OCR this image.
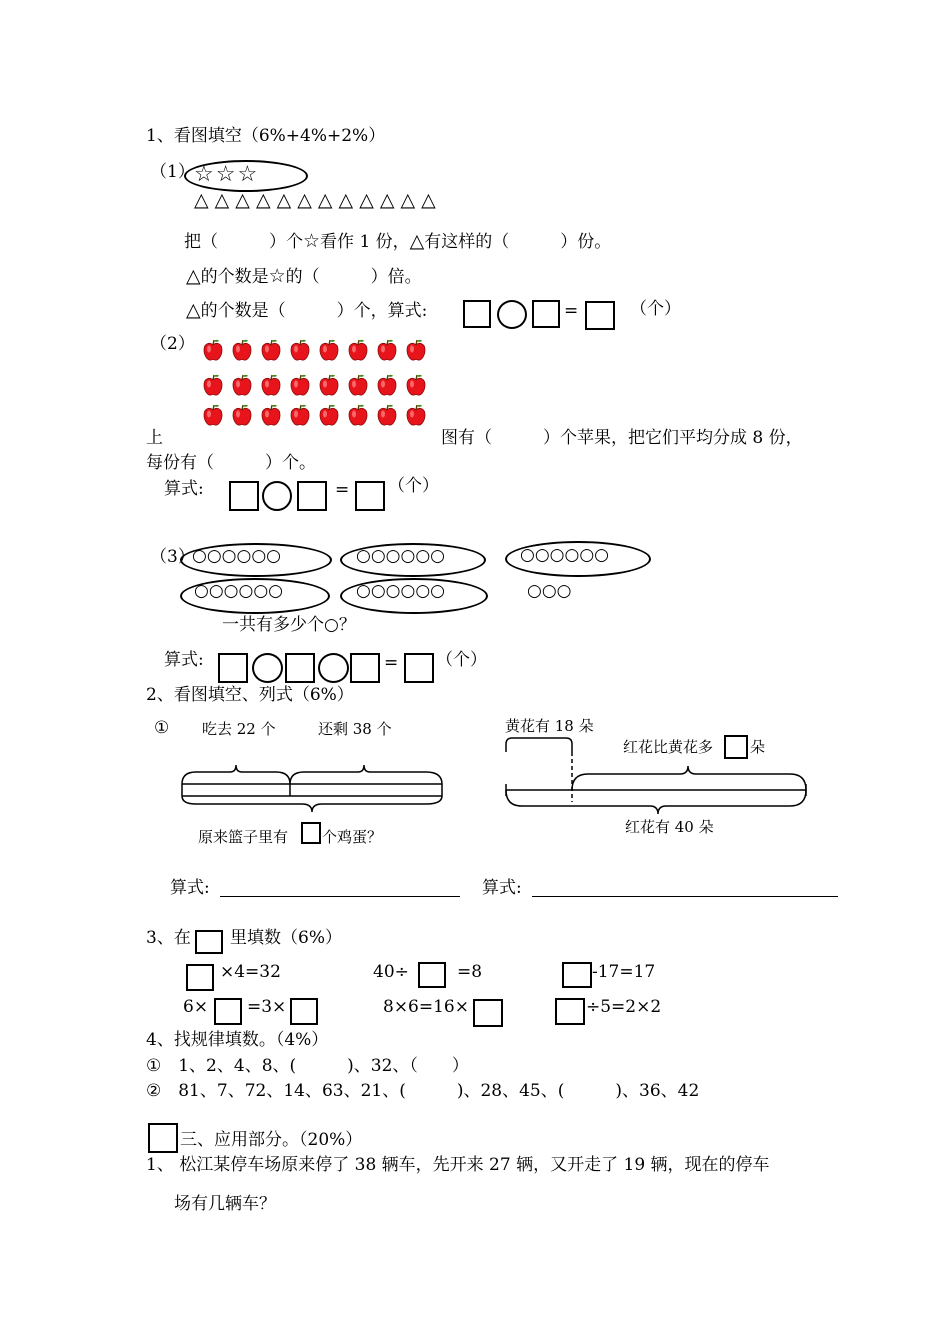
1、看图填空（6%+4%+2%）
（1） ☆☆☆
△ △ △ △ △ △ △ △ △ △ △ △
把（　　　）个☆看作 1 份，△有这样的（　　　）份。
△的个数是☆的（　　　）倍。
△的个数是（　　　）个，算式:	=	（个）
（2）
上	图有（　　　）个苹果，把它们平均分成 8 份，
每份有（　　　）个。
算式:	= （个）
（3）
○○○○○○	○○○○○○	○○○○○○
○○○○○○	○○○○○○	○○○
一共有多少个○？
算式:	= （个）
2、看图填空、列式（6%）
① 吃去 22 个	还剩 38 个
原来篮子里有 个鸡蛋？
黄花有 18 朵
红花比黄花多 朵
红花有 40 朵
算式:	算式:
3、在 里填数（6%）
×4=32	40÷	=8	-17=17
6× =3×	8×6=16×	÷5=2×2
4、找规律填数。（4%）
①　1、2、4、8、(　　　)、32、（　　）
②　81、7、72、14、63、21、(　　　)、28、45、(　　　)、36、42
三、应用部分。（20%）
1、 松江某停车场原来停了 38 辆车，先开来 27 辆，又开走了 19 辆，现在的停车
场有几辆车？
